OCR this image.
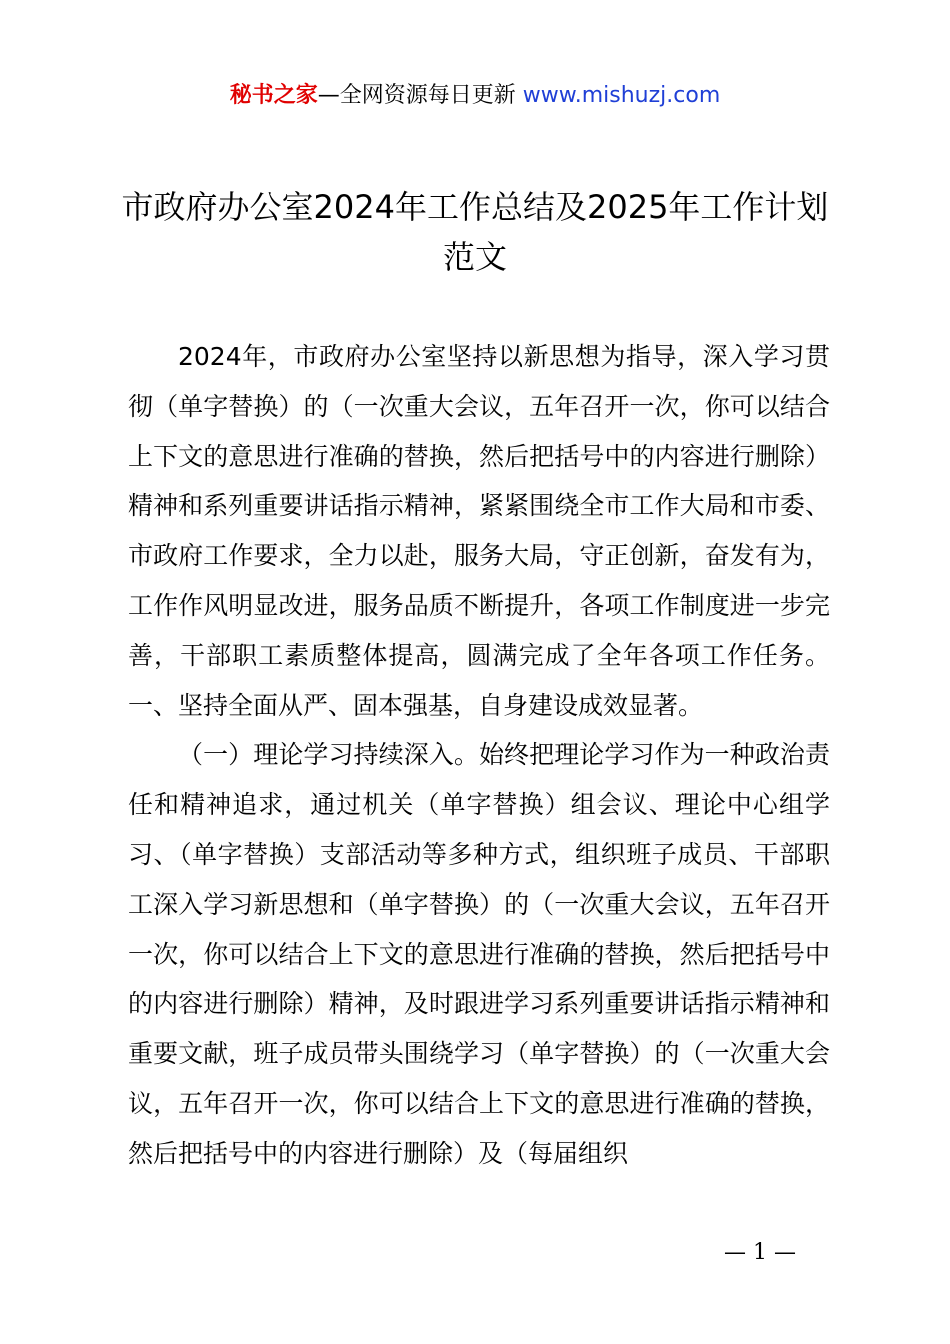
秘书之家—全网资源每日更新 www.mishuzj.com
市政府办公室2024年工作总结及2025年工作计划范文

2024年，市政府办公室坚持以新思想为指导，深入学习贯彻（单字替换）的（一次重大会议，五年召开一次，你可以结合上下文的意思进行准确的替换，然后把括号中的内容进行删除）精神和系列重要讲话指示精神，紧紧围绕全市工作大局和市委、市政府工作要求，全力以赴，服务大局，守正创新，奋发有为，工作作风明显改进，服务品质不断提升，各项工作制度进一步完善，干部职工素质整体提高，圆满完成了全年各项工作任务。一、坚持全面从严、固本强基，自身建设成效显著。

（一）理论学习持续深入。始终把理论学习作为一种政治责任和精神追求，通过机关（单字替换）组会议、理论中心组学习、（单字替换）支部活动等多种方式，组织班子成员、干部职工深入学习新思想和（单字替换）的（一次重大会议，五年召开一次，你可以结合上下文的意思进行准确的替换，然后把括号中的内容进行删除）精神，及时跟进学习系列重要讲话指示精神和重要文献，班子成员带头围绕学习（单字替换）的（一次重大会议，五年召开一次，你可以结合上下文的意思进行准确的替换，然后把括号中的内容进行删除）及（每届组织

— 1 —
